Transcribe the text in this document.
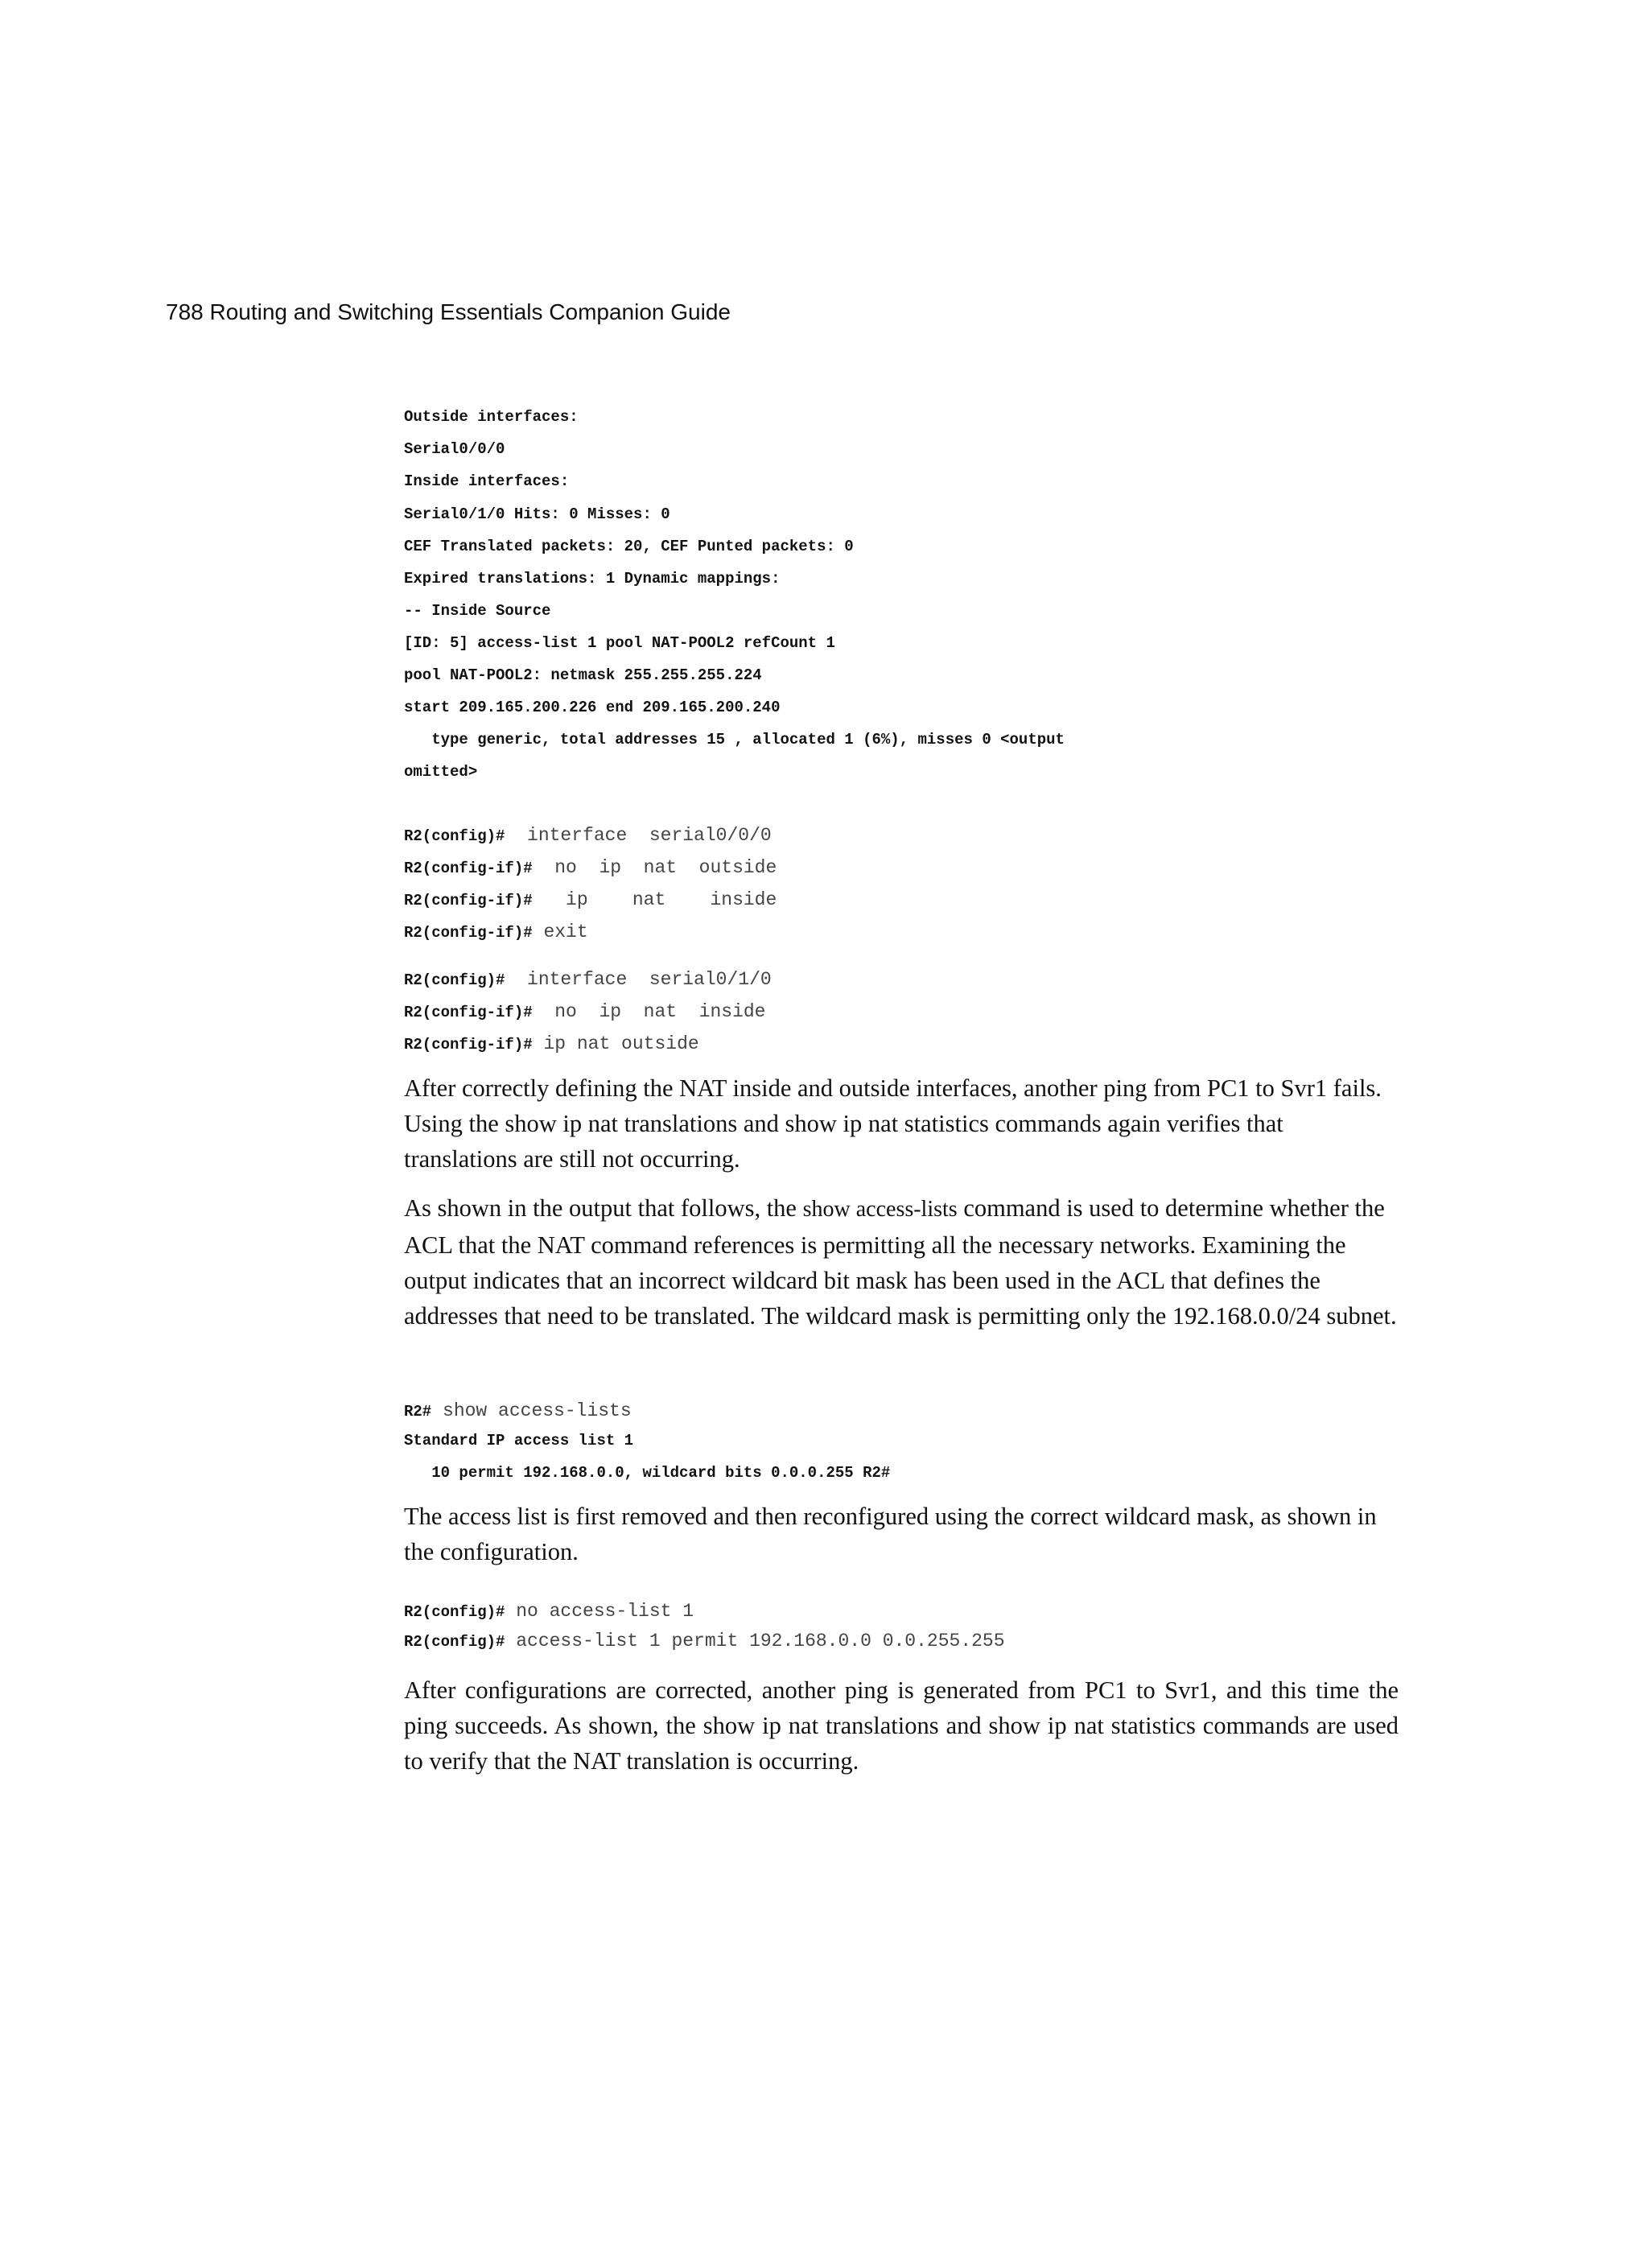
788 Routing and Switching Essentials Companion Guide
Outside interfaces:
Serial0/0/0
Inside interfaces:
Serial0/1/0 Hits: 0 Misses: 0
CEF Translated packets: 20, CEF Punted packets: 0
Expired translations: 1 Dynamic mappings:
-- Inside Source
[ID: 5] access-list 1 pool NAT-POOL2 refCount 1
pool NAT-POOL2: netmask 255.255.255.224
start 209.165.200.226 end 209.165.200.240
type generic, total addresses 15 , allocated 1 (6%), misses 0 <output
omitted>
R2(config)#  interface  serial0/0/0
R2(config-if)#  no  ip  nat  outside
R2(config-if)#   ip    nat    inside
R2(config-if)# exit
R2(config)#  interface  serial0/1/0
R2(config-if)#  no  ip  nat  inside
R2(config-if)# ip nat outside
After correctly defining the NAT inside and outside interfaces, another ping from PC1 to Svr1 fails. Using the show ip nat translations and show ip nat statistics commands again verifies that translations are still not occurring.
As shown in the output that follows, the show access-lists command is used to determine whether the ACL that the NAT command references is permitting all the necessary networks. Examining the output indicates that an incorrect wildcard bit mask has been used in the ACL that defines the addresses that need to be translated. The wildcard mask is permitting only the 192.168.0.0/24 subnet.
R2# show access-lists
Standard IP access list 1
10 permit 192.168.0.0, wildcard bits 0.0.0.255 R2#
The access list is first removed and then reconfigured using the correct wildcard mask, as shown in the configuration.
R2(config)# no access-list 1
R2(config)# access-list 1 permit 192.168.0.0 0.0.255.255
After configurations are corrected, another ping is generated from PC1 to Svr1, and this time the ping succeeds. As shown, the show ip nat translations and show ip nat statistics commands are used to verify that the NAT translation is occurring.
